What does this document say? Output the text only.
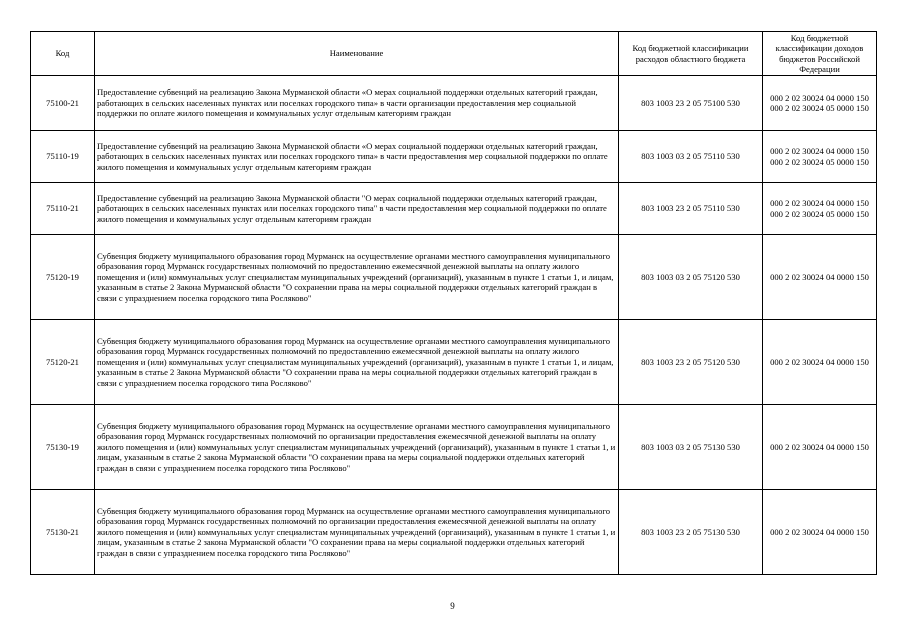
Код	Наименование	Код бюджетной классификации расходов областного бюджета	Код бюджетной классификации доходов бюджетов Российской Федерации
75100-21	Предоставление субвенций на реализацию Закона Мурманской области «О мерах социальной поддержки отдельных категорий граждан, работающих в сельских населенных пунктах или поселках городского типа» в части организации предоставления мер социальной поддержки по оплате жилого помещения и коммунальных услуг отдельным категориям граждан	803 1003 23 2 05 75100 530	000 2 02 30024 04 0000 150
000 2 02 30024 05 0000 150

75110-19	Предоставление субвенций на реализацию Закона Мурманской области «О мерах социальной поддержки отдельных категорий граждан, работающих в сельских населенных пунктах или поселках городского типа» в части предоставления мер социальной поддержки по оплате жилого помещения и коммунальных услуг отдельным категориям граждан	803 1003 03 2 05 75110 530	000 2 02 30024 04 0000 150
000 2 02 30024 05 0000 150

75110-21	Предоставление субвенций на реализацию Закона Мурманской области "О мерах социальной поддержки отдельных категорий граждан, работающих в сельских населенных пунктах или поселках городского типа" в части предоставления мер социальной поддержки по оплате жилого помещения и коммунальных услуг отдельным категориям граждан	803 1003 23 2 05 75110 530	000 2 02 30024 04 0000 150
000 2 02 30024 05 0000 150

75120-19	Субвенция бюджету муниципального образования город Мурманск на осуществление органами местного самоуправления муниципального образования город Мурманск государственных полномочий по предоставлению ежемесячной денежной выплаты на оплату жилого помещения и (или) коммунальных услуг специалистам муниципальных учреждений (организаций), указанным в пункте 1 статьи 1, и лицам, указанным в статье 2 Закона Мурманской области "О сохранении права на меры социальной поддержки отдельных категорий граждан в связи с упразднением поселка городского типа Росляково"	803 1003 03 2 05 75120 530	000 2 02 30024 04 0000 150

75120-21	Субвенция бюджету муниципального образования город Мурманск на осуществление органами местного самоуправления муниципального образования город Мурманск государственных полномочий по предоставлению ежемесячной денежной выплаты на оплату жилого помещения и (или) коммунальных услуг специалистам муниципальных учреждений (организаций), указанным в пункте 1 статьи 1, и лицам, указанным в статье 2 Закона Мурманской области "О сохранении права на меры социальной поддержки отдельных категорий граждан в связи с упразднением поселка городского типа Росляково"	803 1003 23 2 05 75120 530	000 2 02 30024 04 0000 150

75130-19	Субвенция бюджету муниципального образования город Мурманск на осуществление органами местного самоуправления муниципального образования город Мурманск государственных полномочий по организации предоставления ежемесячной денежной выплаты на оплату жилого помещения и (или) коммунальных услуг специалистам муниципальных учреждений (организаций), указанным в пункте 1 статьи 1, и лицам, указанным в статье 2 закона Мурманской области "О сохранении права на меры социальной поддержки отдельных категорий граждан в связи с упразднением поселка городского типа Росляково"	803 1003 03 2 05 75130 530	000 2 02 30024 04 0000 150

75130-21	Субвенция бюджету муниципального образования город Мурманск на осуществление органами местного самоуправления муниципального образования город Мурманск государственных полномочий по организации предоставления ежемесячной денежной выплаты на оплату жилого помещения и (или) коммунальных услуг специалистам муниципальных учреждений (организаций), указанным в пункте 1 статьи 1, и лицам, указанным в статье 2 закона Мурманской области "О сохранении права на меры социальной поддержки отдельных категорий граждан в связи с упразднением поселка городского типа Росляково"	803 1003 23 2 05 75130 530	000 2 02 30024 04 0000 150
9
